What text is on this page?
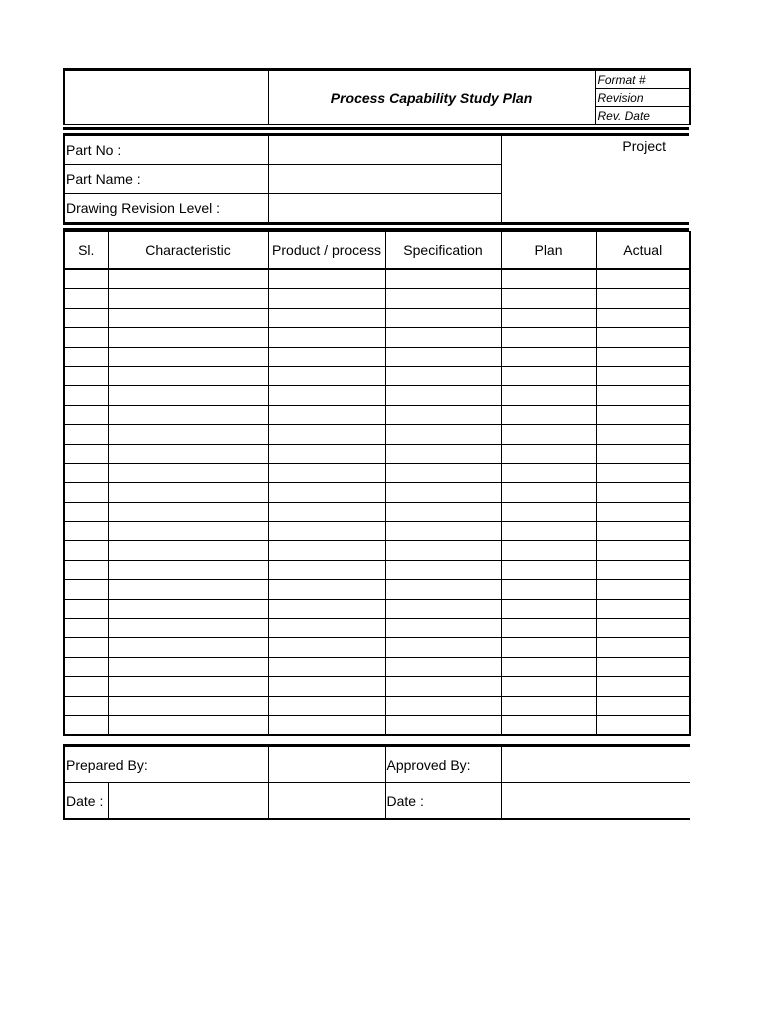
	Process Capability Study Plan	Format #
Revision
Rev. Date
Part No :		Project
Part Name :		
Drawing Revision Level :		
Sl.	Characteristic	Product / process	Specification	Plan	Actual

Prepared By:			Approved By:	
Date :			Date :	
